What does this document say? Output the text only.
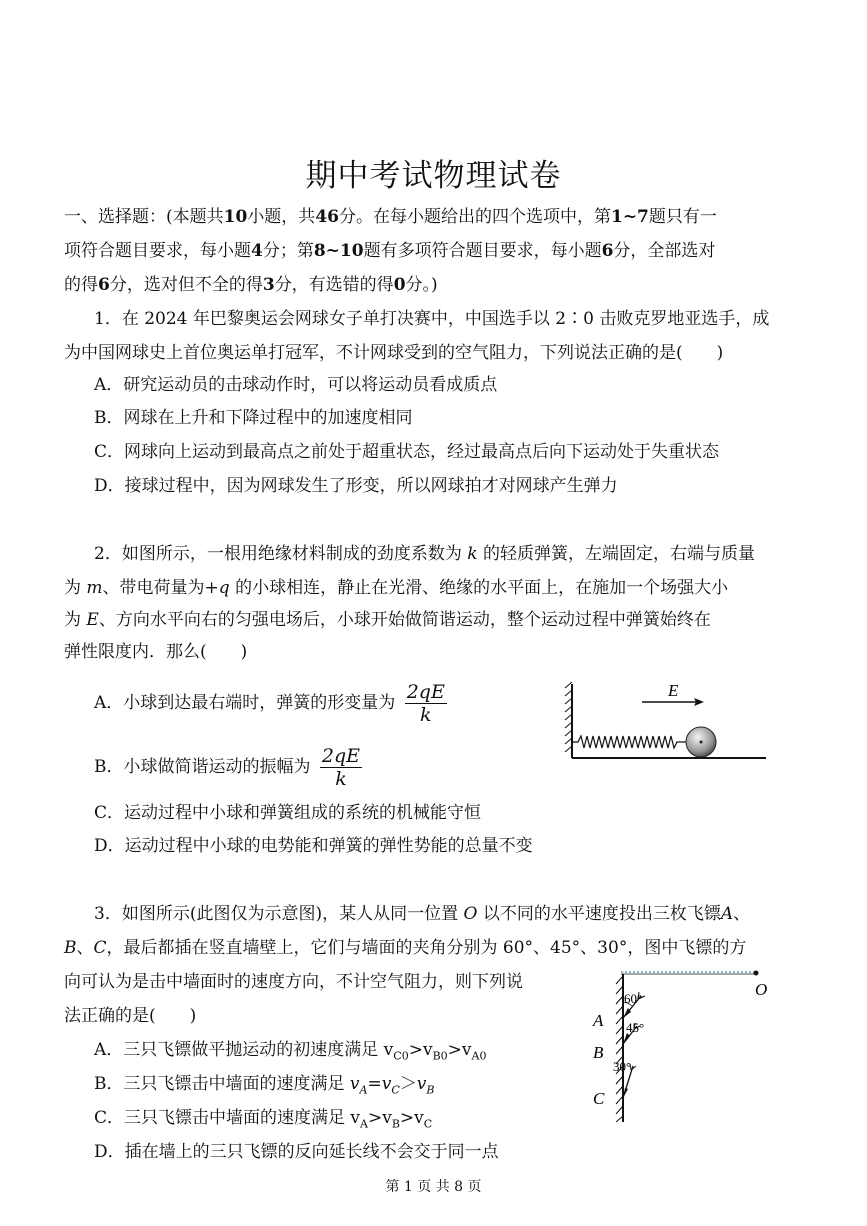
期中考试物理试卷
一、选择题：(本题共10小题，共46分。在每小题给出的四个选项中，第1~7题只有一
项符合题目要求，每小题4分；第8~10题有多项符合题目要求，每小题6分，全部选对
的得6分，选对但不全的得3分，有选错的得0分。)
1．在 2024 年巴黎奥运会网球女子单打决赛中，中国选手以 2∶0 击败克罗地亚选手，成
为中国网球史上首位奥运单打冠军，不计网球受到的空气阻力，下列说法正确的是(　　)
A．研究运动员的击球动作时，可以将运动员看成质点
B．网球在上升和下降过程中的加速度相同
C．网球向上运动到最高点之前处于超重状态，经过最高点后向下运动处于失重状态
D．接球过程中，因为网球发生了形变，所以网球拍才对网球产生弹力
2．如图所示，一根用绝缘材料制成的劲度系数为 k 的轻质弹簧，左端固定，右端与质量
为 m、带电荷量为+q 的小球相连，静止在光滑、绝缘的水平面上，在施加一个场强大小
为 E、方向水平向右的匀强电场后，小球开始做简谐运动，整个运动过程中弹簧始终在
弹性限度内．那么(　　)
A．小球到达最右端时，弹簧的形变量为 $\frac{2qE}{k}$
B．小球做简谐运动的振幅为 $\frac{2qE}{k}$
C．运动过程中小球和弹簧组成的系统的机械能守恒
D．运动过程中小球的电势能和弹簧的弹性势能的总量不变
E
3．如图所示(此图仅为示意图)，某人从同一位置 O 以不同的水平速度投出三枚飞镖A、
B、C，最后都插在竖直墙壁上，它们与墙面的夹角分别为 60°、45°、30°，图中飞镖的方
向可认为是击中墙面时的速度方向，不计空气阻力，则下列说
法正确的是(　　)
A．三只飞镖做平抛运动的初速度满足 $v_{C0}>v_{B0}>v_{A0}$
B．三只飞镖击中墙面的速度满足 $v_A=v_C>v_B$
C．三只飞镖击中墙面的速度满足 $v_A>v_B>v_C$
D．插在墙上的三只飞镖的反向延长线不会交于同一点
O
60°
A 45°
B
30°
C
第 1 页 共 8 页
